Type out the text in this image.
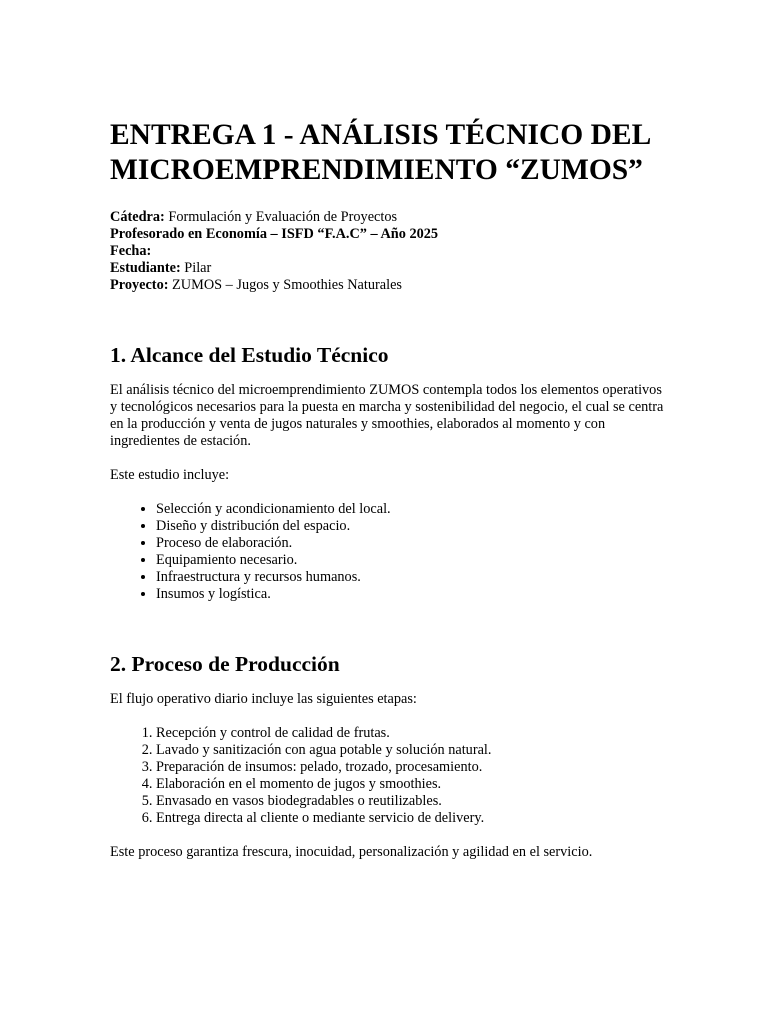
ENTREGA 1 - ANÁLISIS TÉCNICO DEL MICROEMPRENDIMIENTO “ZUMOS”
Cátedra: Formulación y Evaluación de Proyectos
Profesorado en Economía – ISFD “F.A.C” – Año 2025
Fecha:
Estudiante: Pilar
Proyecto: ZUMOS – Jugos y Smoothies Naturales
1. Alcance del Estudio Técnico

El análisis técnico del microemprendimiento ZUMOS contempla todos los elementos operativos y tecnológicos necesarios para la puesta en marcha y sostenibilidad del negocio, el cual se centra en la producción y venta de jugos naturales y smoothies, elaborados al momento y con ingredientes de estación.

Este estudio incluye:

• Selección y acondicionamiento del local.
• Diseño y distribución del espacio.
• Proceso de elaboración.
• Equipamiento necesario.
• Infraestructura y recursos humanos.
• Insumos y logística.
2. Proceso de Producción

El flujo operativo diario incluye las siguientes etapas:

1. Recepción y control de calidad de frutas.
2. Lavado y sanitización con agua potable y solución natural.
3. Preparación de insumos: pelado, trozado, procesamiento.
4. Elaboración en el momento de jugos y smoothies.
5. Envasado en vasos biodegradables o reutilizables.
6. Entrega directa al cliente o mediante servicio de delivery.

Este proceso garantiza frescura, inocuidad, personalización y agilidad en el servicio.
